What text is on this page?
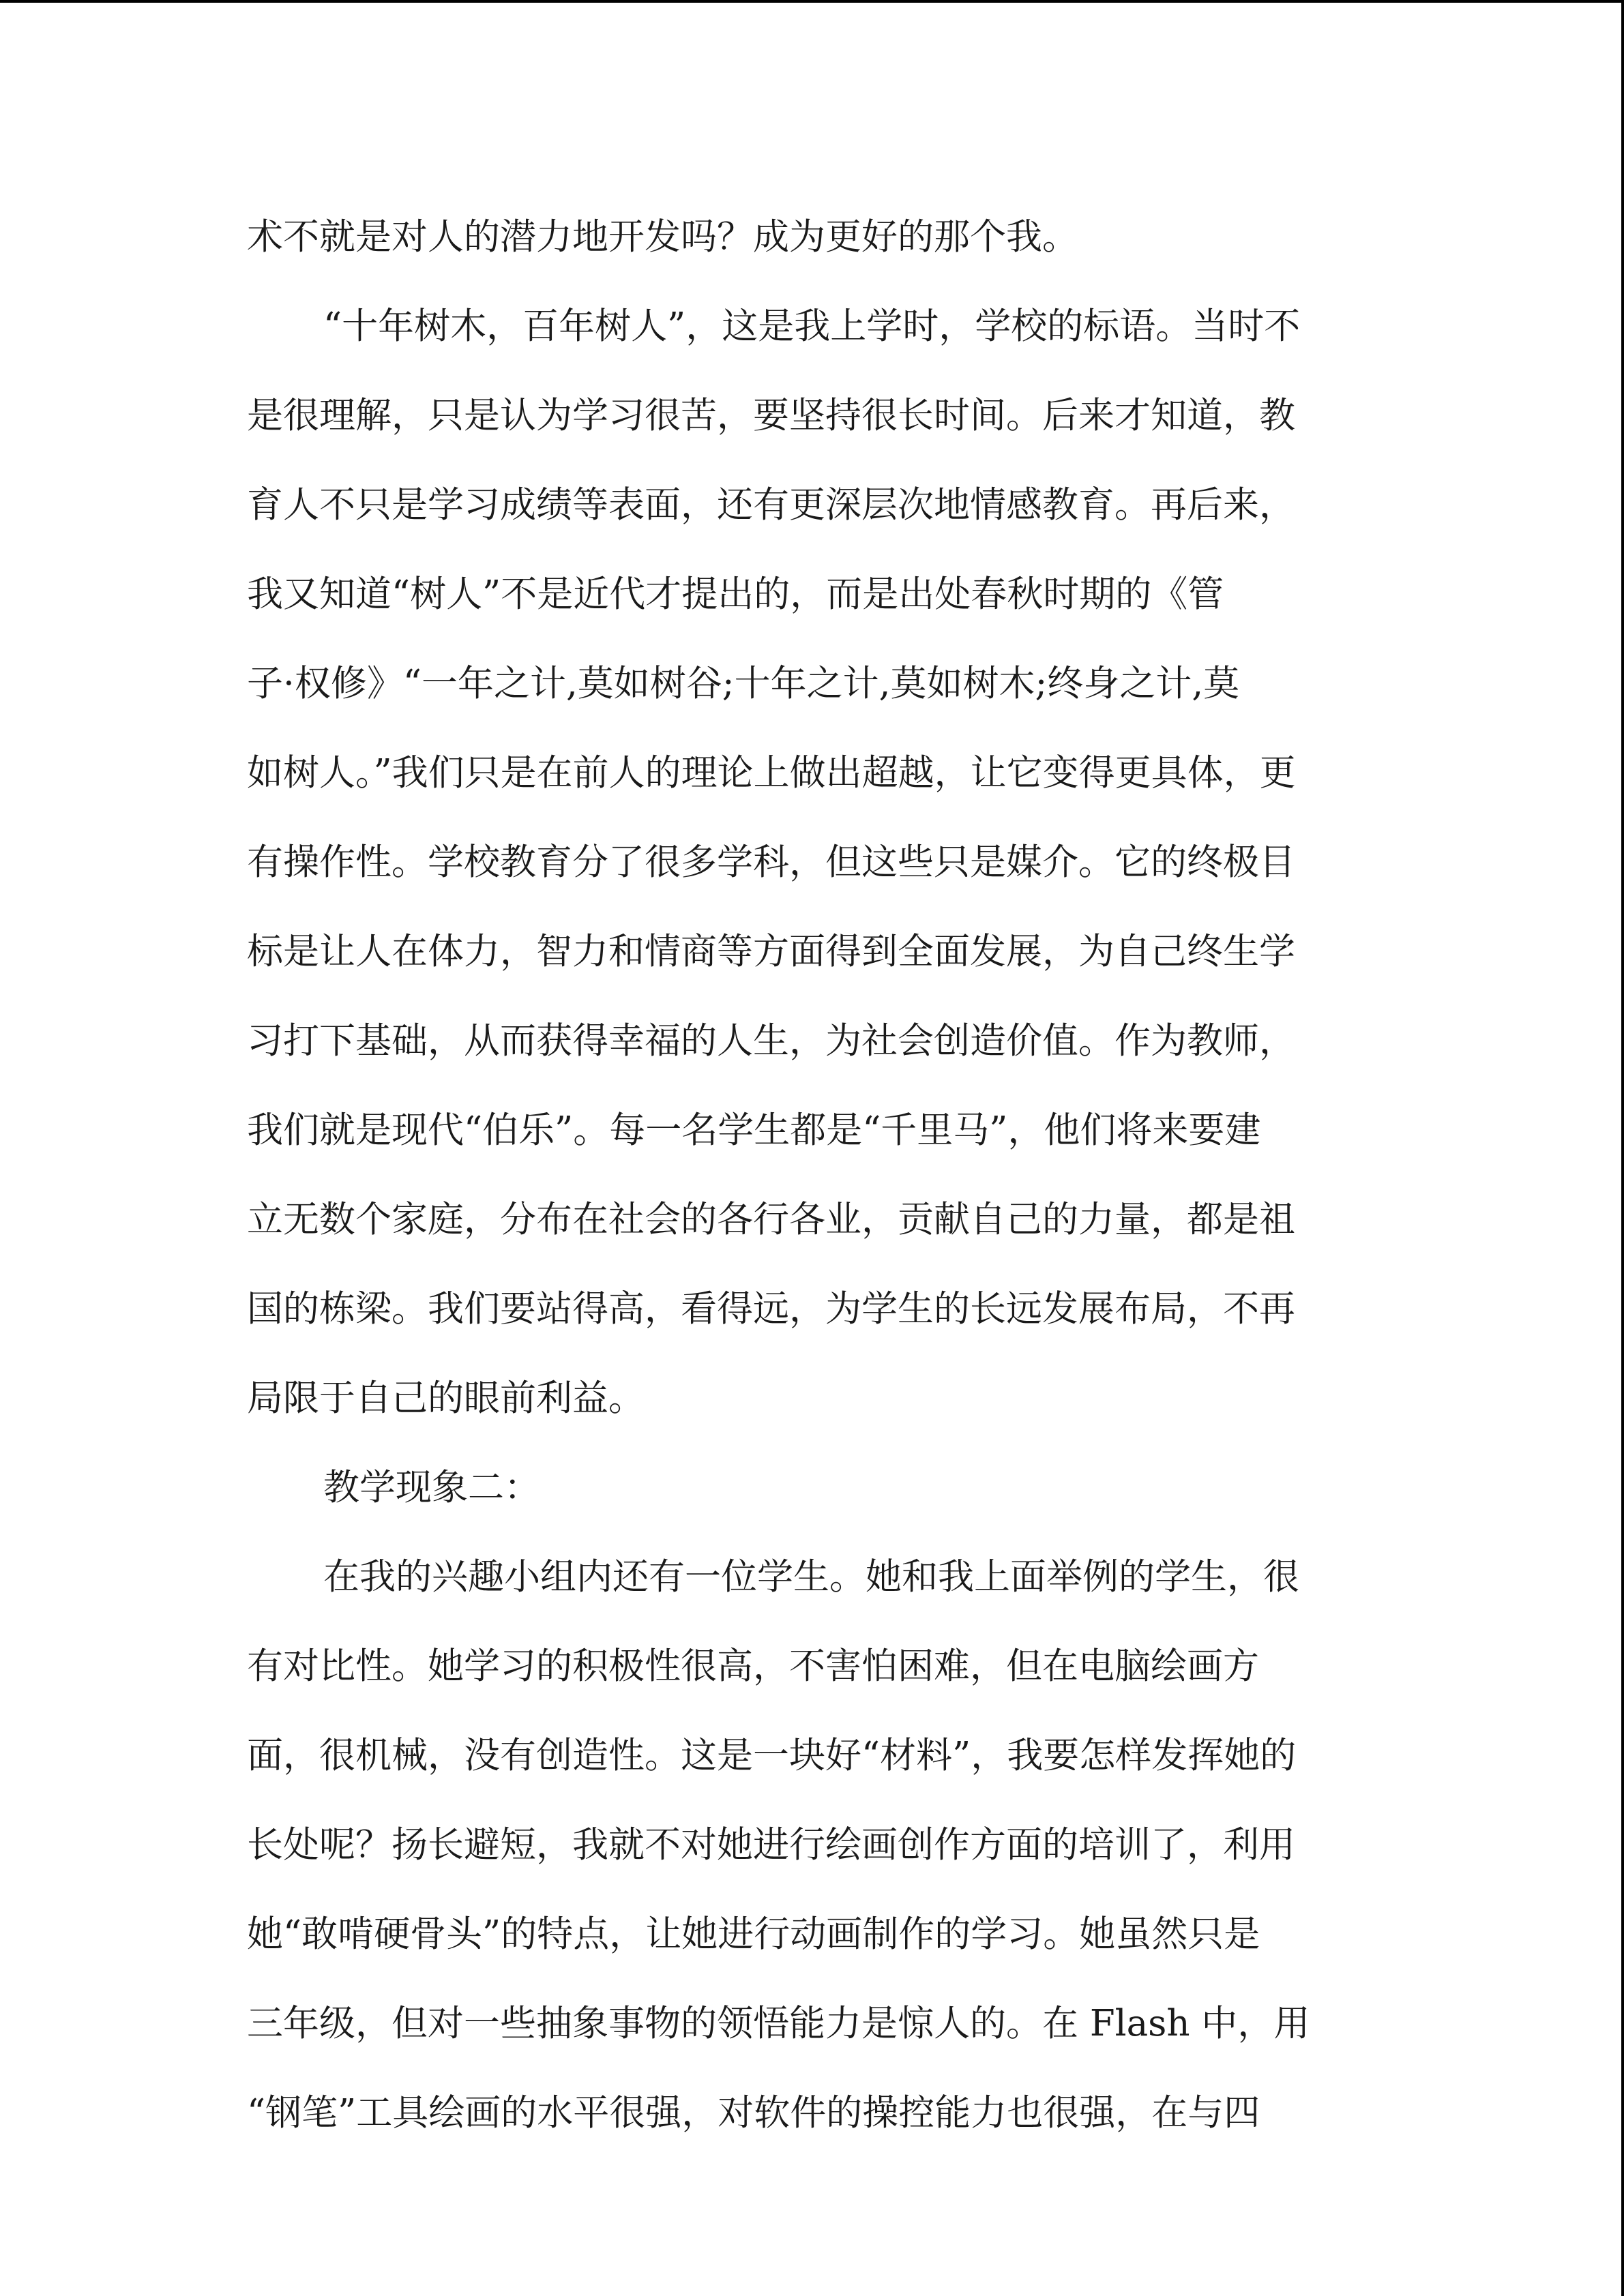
术不就是对人的潜力地开发吗？成为更好的那个我。
“十年树木，百年树人”，这是我上学时，学校的标语。当时不
是很理解，只是认为学习很苦，要坚持很长时间。后来才知道，教
育人不只是学习成绩等表面，还有更深层次地情感教育。再后来，
我又知道“树人”不是近代才提出的，而是出处春秋时期的《管
子·权修》“一年之计,莫如树谷;十年之计,莫如树木;终身之计,莫
如树人。”我们只是在前人的理论上做出超越，让它变得更具体，更
有操作性。学校教育分了很多学科，但这些只是媒介。它的终极目
标是让人在体力，智力和情商等方面得到全面发展，为自己终生学
习打下基础，从而获得幸福的人生，为社会创造价值。作为教师，
我们就是现代“伯乐”。每一名学生都是“千里马”，他们将来要建
立无数个家庭，分布在社会的各行各业，贡献自己的力量，都是祖
国的栋梁。我们要站得高，看得远，为学生的长远发展布局，不再
局限于自己的眼前利益。
教学现象二：
在我的兴趣小组内还有一位学生。她和我上面举例的学生，很
有对比性。她学习的积极性很高，不害怕困难，但在电脑绘画方
面，很机械，没有创造性。这是一块好“材料”，我要怎样发挥她的
长处呢？扬长避短，我就不对她进行绘画创作方面的培训了，利用
她“敢啃硬骨头”的特点，让她进行动画制作的学习。她虽然只是
三年级，但对一些抽象事物的领悟能力是惊人的。在 Flash 中，用
“钢笔”工具绘画的水平很强，对软件的操控能力也很强，在与四
